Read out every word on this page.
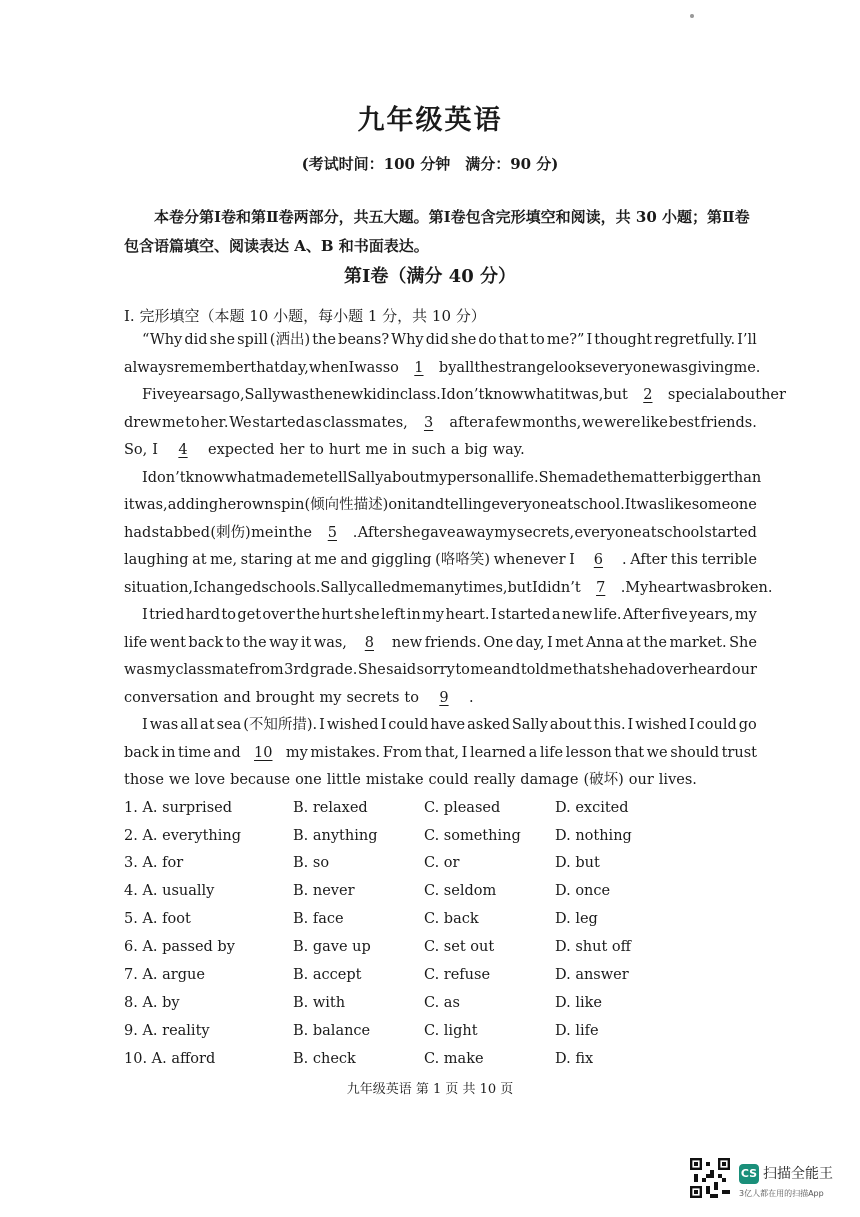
九年级英语
(考试时间：100 分钟　满分：90 分)
本卷分第Ⅰ卷和第Ⅱ卷两部分，共五大题。第Ⅰ卷包含完形填空和阅读，共 30 小题；第Ⅱ卷包含语篇填空、阅读表达 A、B 和书面表达。
第Ⅰ卷（满分 40 分）
I. 完形填空（本题 10 小题，每小题 1 分，共 10 分）
“Why did she spill (洒出) the beans? Why did she do that to me?” I thought regretfully. I’ll
always remember that day, when I was so	1	by all the strange looks everyone was giving me.
Five years ago, Sally was the new kid in class. I don’t know what it was, but	2	special about her
drew me to her. We started as classmates,	3	after a few months, we were like best friends.
So, I	4	expected her to hurt me in such a big way.
I don’t know what made me tell Sally about my personal life. She made the matter bigger than
it was, adding her own spin (倾向性描述) on it and telling everyone at school. It was like someone
had stabbed (刺伤) me in the	5	. After she gave away my secrets, everyone at school started
laughing at me, staring at me and giggling (咯咯笑) whenever I	6	. After this terrible
situation, I changed schools. Sally called me many times, but I didn’t	7	. My heart was broken.
I tried hard to get over the hurt she left in my heart. I started a new life. After five years, my
life went back to the way it was,	8	new friends. One day, I met Anna at the market. She
was my classmate from 3rd grade. She said sorry to me and told me that she had overheard our
conversation and brought my secrets to	9	.
I was all at sea (不知所措). I wished I could have asked Sally about this. I wished I could go
back in time and 10 my mistakes. From that, I learned a life lesson that we should trust
those we love because one little mistake could really damage (破坏) our lives.
1. A. surprised	B. relaxed	C. pleased	D. excited
2. A. everything	B. anything	C. something D. nothing
3. A. for	B. so	C. or	D. but
4. A. usually	B. never	C. seldom	D. once
5. A. foot	B. face	C. back	D. leg
6. A. passed by	B. gave up	C. set out	D. shut off
7. A. argue	B. accept	C. refuse	D. answer
8. A. by	B. with	C. as	D. like
9. A. reality	B. balance	C. light	D. life
10. A. afford	B. check	C. make	D. fix
九年级英语 第 1 页 共 10 页
CS 扫描全能王
3亿人都在用的扫描App
